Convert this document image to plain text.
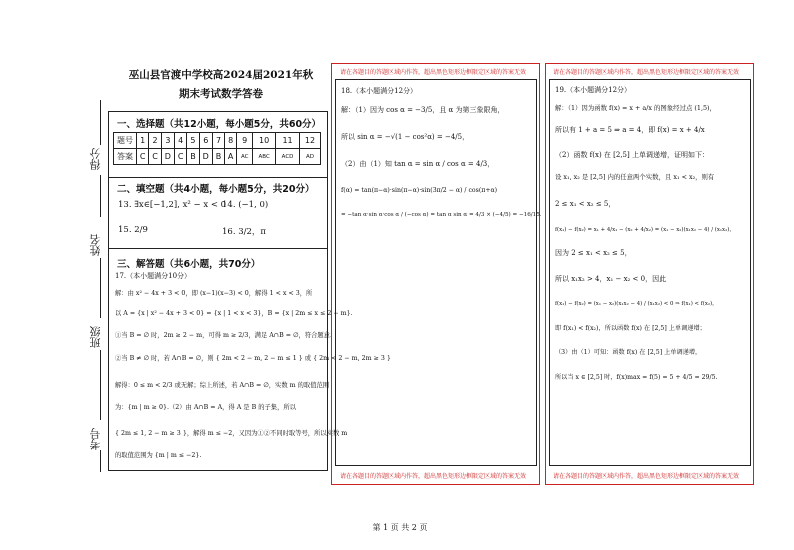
得分
姓名
班级
考号
巫山县官渡中学校高2024届2021年秋
期末考试数学答卷
一、选择题（共12小题，每小题5分，共60分）
题号	1	2	3	4	5	6	7	8	9	10	11	12
答案	C	C	D	C	B	D	B	A	AC	ABC	ACD	AD
二、填空题（共4小题，每小题5分，共20分）
13. ∃x∈[−1,2], x² − x < 0
14. (−1, 0)
15. 2/9	16. 3/2，π
三、解答题（共6小题，共70分）
17.（本小题满分10分）
解：由 x² − 4x + 3 < 0，即 (x−1)(x−3) < 0，解得 1 < x < 3，所
以 A = {x | x² − 4x + 3 < 0} = {x | 1 < x < 3}，B = {x | 2m ≤ x ≤ 2 − m}.
①当 B = ∅ 时，2m ≥ 2 − m，可得 m ≥ 2/3，满足 A∩B = ∅，符合题意.
②当 B ≠ ∅ 时，若 A∩B = ∅，则 { 2m < 2 − m, 2 − m ≤ 1 } 或 { 2m < 2 − m, 2m ≥ 3 }
解得：0 ≤ m < 2/3 或无解；综上所述，若 A∩B = ∅，实数 m 的取值范围
为：{m | m ≥ 0}.（2）由 A∩B = A，得 A 是 B 的子集，所以
{ 2m ≤ 1, 2 − m ≥ 3 }，解得 m ≤ −2，又因为①②不同时取等号，所以实数 m
的取值范围为 {m | m ≤ −2}.
请在各题目的答题区域内作答，超出黑色矩形边框限定区域的答案无效
请在各题目的答题区域内作答，超出黑色矩形边框限定区域的答案无效
18.（本小题满分12分）
解：（1）因为 cos α = −3/5，且 α 为第三象限角，
所以 sin α = −√(1 − cos²α) = −4/5，
（2）由（1）知 tan α = sin α / cos α = 4/3，
f(α) = tan(π−α)·sin(π−α)·sin(3π/2 − α) / cos(π+α)
= −tan α·sin α·cos α / (−cos α) = tan α sin α = 4/3 × (−4/5) = −16/15.
请在各题目的答题区域内作答，超出黑色矩形边框限定区域的答案无效
请在各题目的答题区域内作答，超出黑色矩形边框限定区域的答案无效
19.（本小题满分12分）
解：（1）因为函数 f(x) = x + a/x 的图象经过点 (1,5)，
所以有 1 + a = 5 ⇒ a = 4，即 f(x) = x + 4/x
（2）函数 f(x) 在 [2,5] 上单调递增，证明如下：
设 x₁, x₂ 是 [2,5] 内的任意两个实数，且 x₁ < x₂，则有
2 ≤ x₁ < x₂ ≤ 5，
f(x₁) − f(x₂) = x₁ + 4/x₁ − (x₂ + 4/x₂) = (x₁ − x₂)(x₁x₂ − 4) / (x₁x₂)，
因为 2 ≤ x₁ < x₂ ≤ 5，
所以 x₁x₂ > 4，x₁ − x₂ < 0，因此
f(x₁) − f(x₂) = (x₁ − x₂)(x₁x₂ − 4) / (x₁x₂) < 0 ⇒ f(x₁) < f(x₂)，
即 f(x₁) < f(x₂)，所以函数 f(x) 在 [2,5] 上单调递增；
（3）由（1）可知：函数 f(x) 在 [2,5] 上单调递增，
所以当 x ∈ [2,5] 时，f(x)max = f(5) = 5 + 4/5 = 29/5.
第 1 页 共 2 页
